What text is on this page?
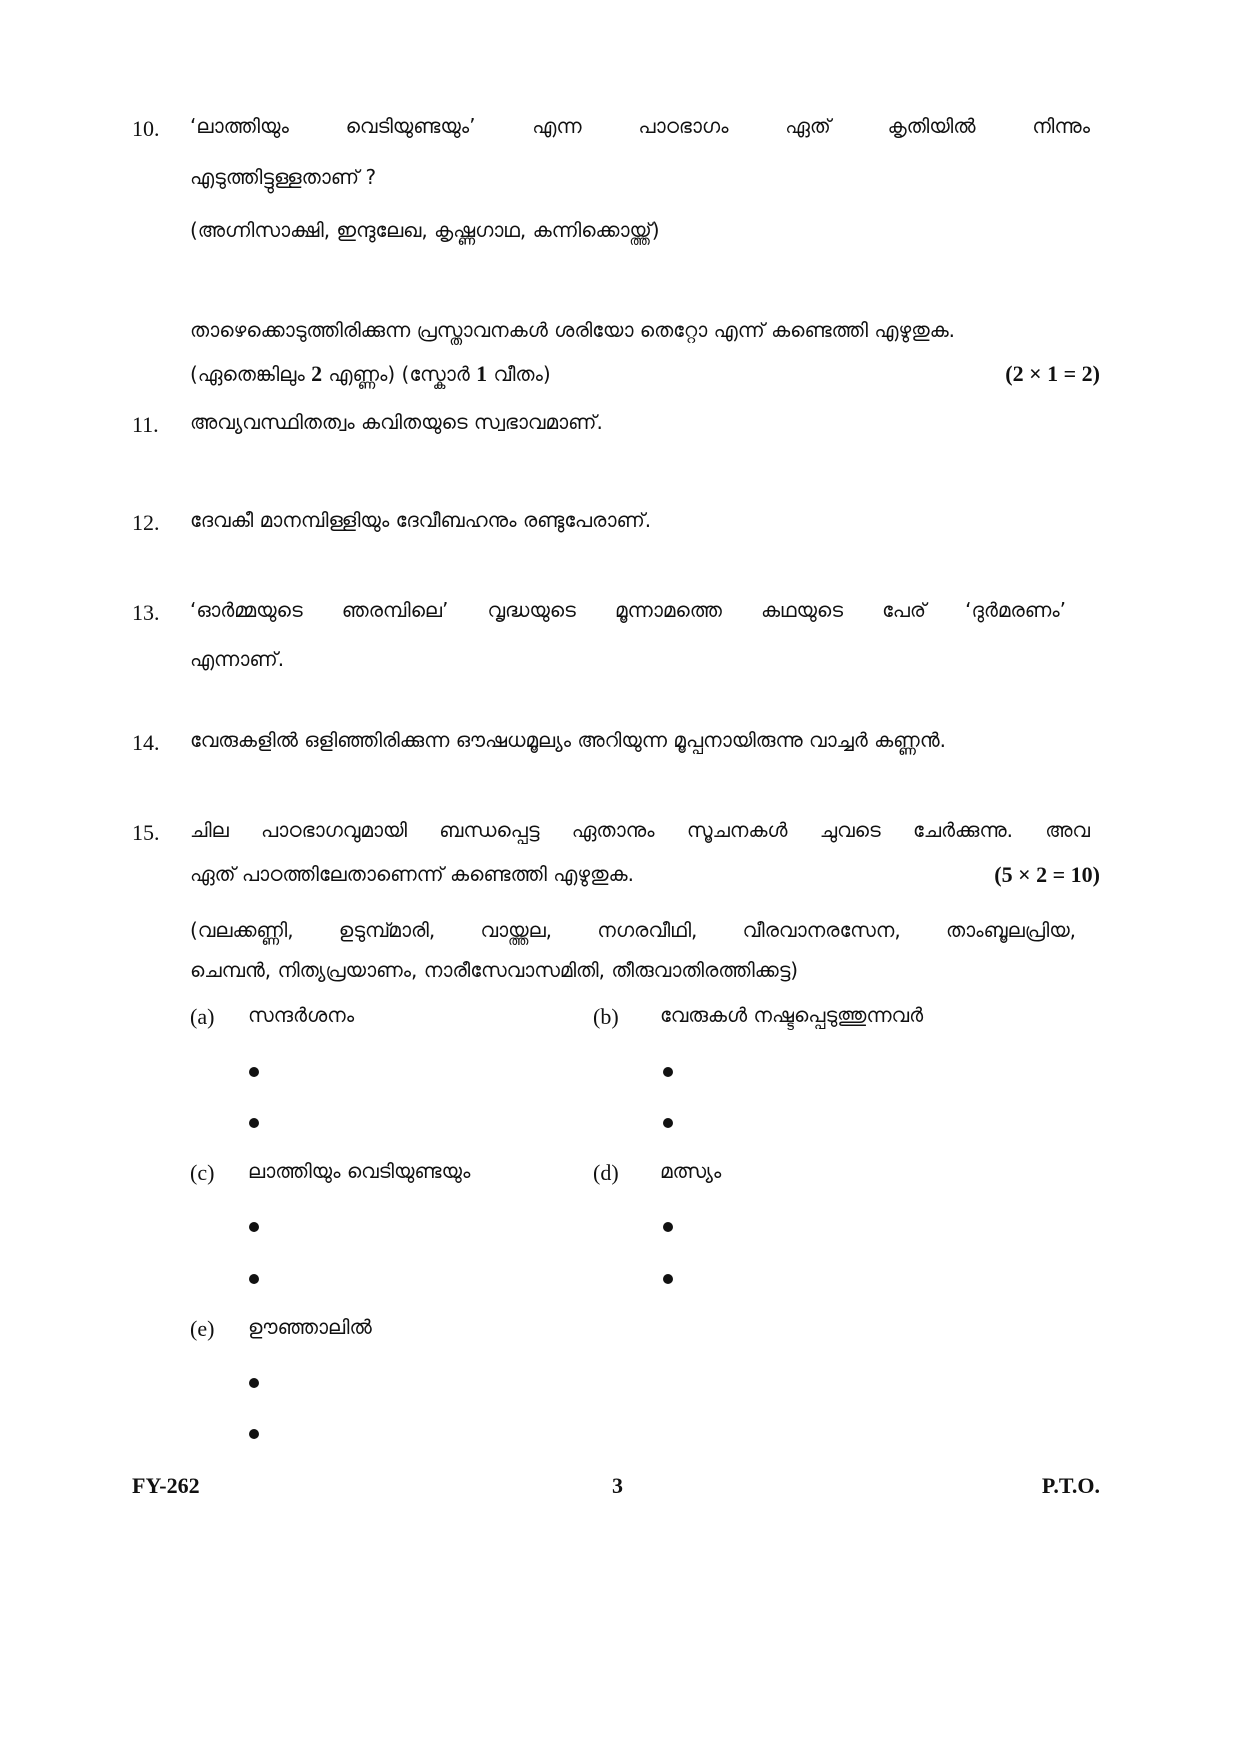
10. ‘ലാത്തിയും	വെടിയുണ്ടയും’	എന്ന	പാഠഭാഗം	ഏത്	കൃതിയിൽ	നിന്നും
എടുത്തിട്ടുള്ളതാണ് ?
(അഗ്നിസാക്ഷി, ഇന്ദുലേഖ, കൃഷ്ണഗാഥ, കന്നിക്കൊയ്ത്ത്)
താഴെക്കൊടുത്തിരിക്കുന്ന പ്രസ്താവനകൾ ശരിയോ തെറ്റോ എന്ന് കണ്ടെത്തി എഴുതുക.
(ഏതെങ്കിലും 2 എണ്ണം) (സ്കോർ 1 വീതം)	(2 × 1 = 2)
11. അവ്യവസ്ഥിതത്വം കവിതയുടെ സ്വഭാവമാണ്.
12. ദേവകീ മാനമ്പിള്ളിയും ദേവീബഹനും രണ്ടുപേരാണ്.
13. ‘ഓർമ്മയുടെ ഞരമ്പിലെ’ വൃദ്ധയുടെ മൂന്നാമത്തെ കഥയുടെ പേര് ‘ദുർമരണം’
എന്നാണ്.
14. വേരുകളിൽ ഒളിഞ്ഞിരിക്കുന്ന ഔഷധമൂല്യം അറിയുന്ന മൂപ്പനായിരുന്നു വാച്ചർ കണ്ണൻ.
15. ചില പാഠഭാഗവുമായി ബന്ധപ്പെട്ട ഏതാനും സൂചനകൾ ചുവടെ ചേർക്കുന്നു. അവ
ഏത് പാഠത്തിലേതാണെന്ന് കണ്ടെത്തി എഴുതുക.	(5 × 2 = 10)
(വലക്കണ്ണി, ഉടുമ്പ്മാരി, വായ്ത്തല, നഗരവീഥി, വീരവാനരസേന, താംബൂലപ്രിയ,
ചെമ്പൻ, നിത്യപ്രയാണം, നാരീസേവാസമിതി, തീരുവാതിരത്തിക്കട്ട)
(a) സന്ദർശനം	(b) വേരുകൾ നഷ്ടപ്പെടുത്തുന്നവർ
(c) ലാത്തിയും വെടിയുണ്ടയും	(d) മത്സ്യം
(e) ഊഞ്ഞാലിൽ
FY-262	3	P.T.O.
